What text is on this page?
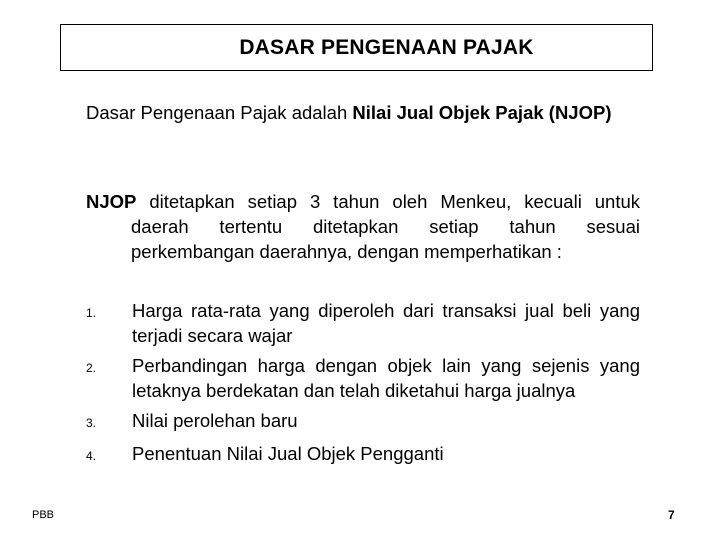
DASAR PENGENAAN PAJAK
Dasar Pengenaan Pajak adalah Nilai Jual Objek Pajak (NJOP)
NJOP ditetapkan setiap 3 tahun oleh Menkeu, kecuali untuk daerah tertentu ditetapkan setiap tahun sesuai perkembangan daerahnya, dengan memperhatikan :
1.	Harga rata-rata yang diperoleh dari transaksi jual beli yang terjadi secara wajar
2.	Perbandingan harga dengan objek lain yang sejenis yang letaknya berdekatan dan telah diketahui harga jualnya
3.	Nilai perolehan baru
4.	Penentuan Nilai Jual Objek Pengganti
PBB	7
